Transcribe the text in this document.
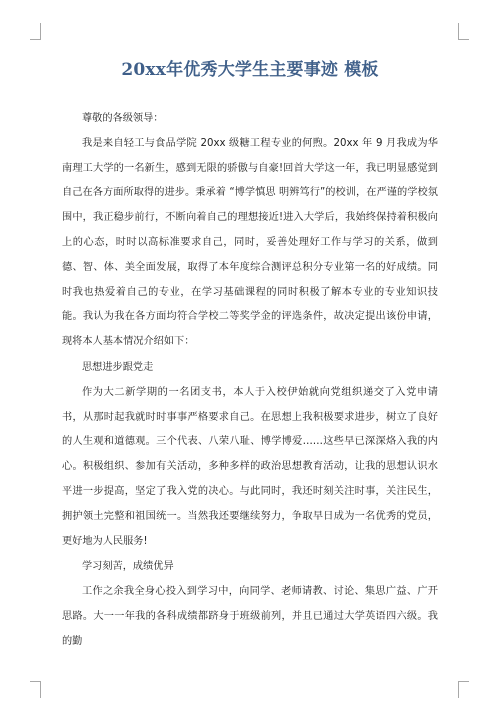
20xx年优秀大学生主要事迹 模板

尊敬的各级领导：

我是来自轻工与食品学院 20xx 级糖工程专业的何煦。20xx 年 9 月我成为华南理工大学的一名新生，感到无限的骄傲与自豪!回首大学这一年，我已明显感觉到自己在各方面所取得的进步。秉承着 “博学慎思 明辨笃行”的校训，在严谨的学校氛围中，我正稳步前行，不断向着自己的理想接近!进入大学后，我始终保持着积极向上的心态，时时以高标准要求自己，同时，妥善处理好工作与学习的关系，做到德、智、体、美全面发展，取得了本年度综合测评总积分专业第一名的好成绩。同时我也热爱着自己的专业，在学习基础课程的同时积极了解本专业的专业知识技能。我认为我在各方面均符合学校二等奖学金的评选条件，故决定提出该份申请，现将本人基本情况介绍如下：

思想进步跟党走

作为大二新学期的一名团支书，本人于入校伊始就向党组织递交了入党申请书，从那时起我就时时事事严格要求自己。在思想上我积极要求进步，树立了良好的人生观和道德观。三个代表、八荣八耻、博学博爱……这些早已深深烙入我的内心。积极组织、参加有关活动，多种多样的政治思想教育活动，让我的思想认识水平进一步提高，坚定了我入党的决心。与此同时，我还时刻关注时事，关注民生，拥护领土完整和祖国统一。当然我还要继续努力，争取早日成为一名优秀的党员，更好地为人民服务!

学习刻苦，成绩优异

工作之余我全身心投入到学习中，向同学、老师请教、讨论、集思广益、广开思路。大一一年我的各科成绩都跻身于班级前列，并且已通过大学英语四六级。我的勤
